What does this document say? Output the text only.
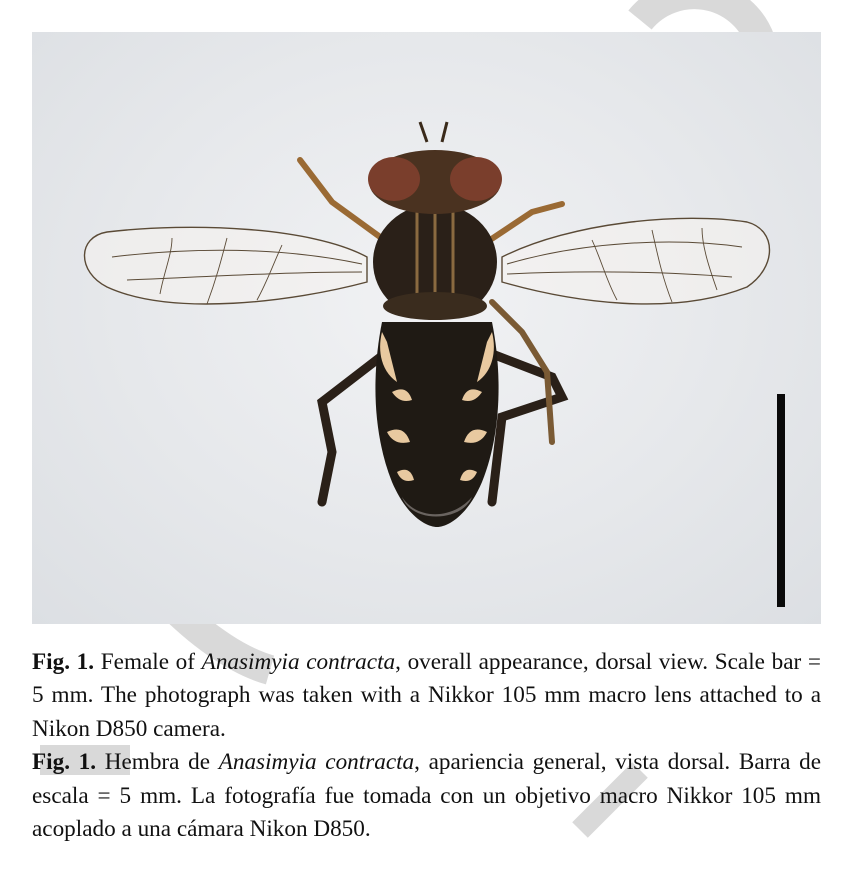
Fig. 1. Female of Anasimyia contracta, overall appearance, dorsal view. Scale bar = 5 mm. The photograph was taken with a Nikkor 105 mm macro lens attached to a Nikon D850 camera.

Fig. 1. Hembra de Anasimyia contracta, apariencia general, vista dorsal. Barra de escala = 5 mm. La fotografía fue tomada con un objetivo macro Nikkor 105 mm acoplado a una cámara Nikon D850.
